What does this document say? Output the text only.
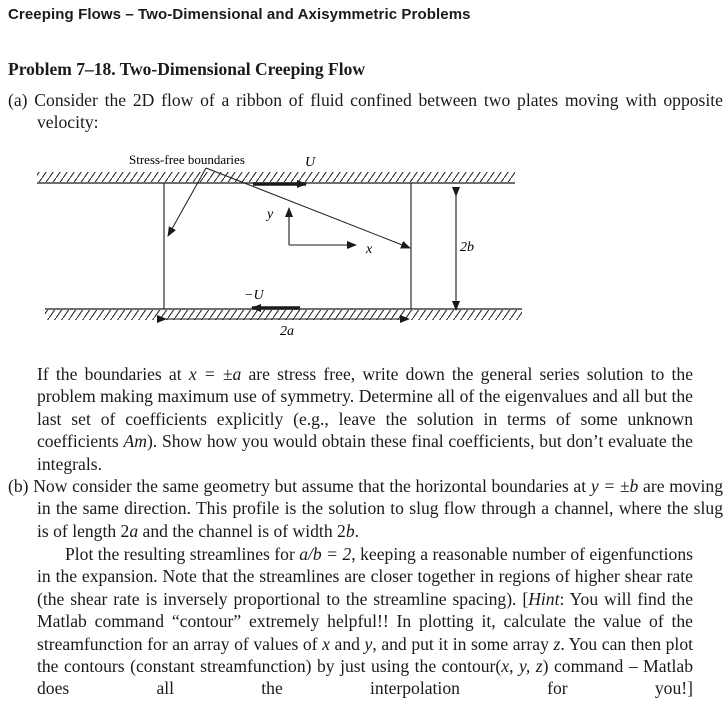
Creeping Flows – Two-Dimensional and Axisymmetric Problems
Problem 7–18. Two-Dimensional Creeping Flow

(a) Consider the 2D flow of a ribbon of fluid confined between two plates moving with opposite velocity:

Stress-free boundaries	U
−U
y
x	2b
2a

If the boundaries at x = ±a are stress free, write down the general series solution to the problem making maximum use of symmetry. Determine all of the eigenvalues and all but the last set of coefficients explicitly (e.g., leave the solution in terms of some unknown coefficients Am). Show how you would obtain these final coefficients, but don’t evaluate the integrals.

(b) Now consider the same geometry but assume that the horizontal boundaries at y = ±b are moving in the same direction. This profile is the solution to slug flow through a channel, where the slug is of length 2a and the channel is of width 2b.

Plot the resulting streamlines for a/b = 2, keeping a reasonable number of eigenfunctions in the expansion. Note that the streamlines are closer together in regions of higher shear rate (the shear rate is inversely proportional to the streamline spacing). [Hint: You will find the Matlab command “contour” extremely helpful!! In plotting it, calculate the value of the streamfunction for an array of values of x and y, and put it in some array z. You can then plot the contours (constant streamfunction) by just using the contour(x, y, z) command – Matlab does all the interpolation for you!]
